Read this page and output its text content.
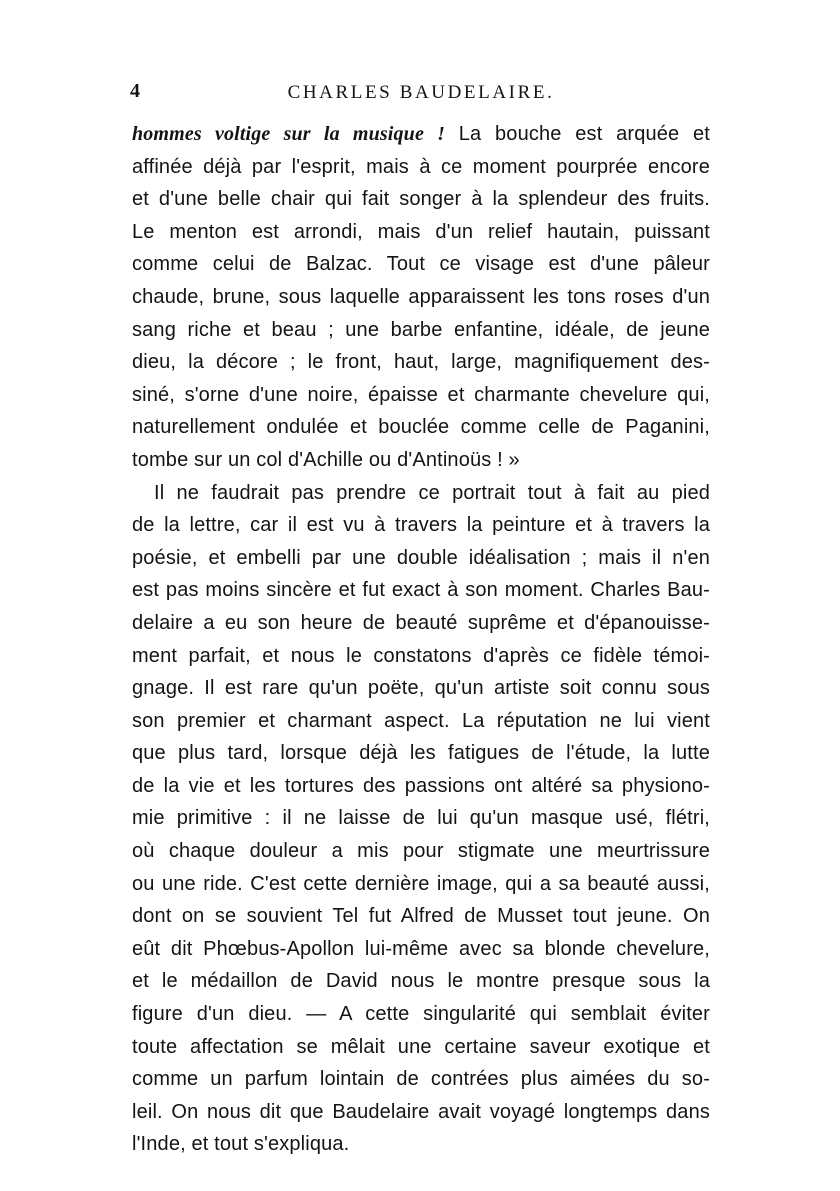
4	CHARLES BAUDELAIRE.
hommes voltige sur la musique ! La bouche est arquée et
affinée déjà par l'esprit, mais à ce moment pourprée encore
et d'une belle chair qui fait songer à la splendeur des fruits.
Le menton est arrondi, mais d'un relief hautain, puissant
comme celui de Balzac. Tout ce visage est d'une pâleur
chaude, brune, sous laquelle apparaissent les tons roses d'un
sang riche et beau ; une barbe enfantine, idéale, de jeune
dieu, la décore ; le front, haut, large, magnifiquement des-
siné, s'orne d'une noire, épaisse et charmante chevelure qui,
naturellement ondulée et bouclée comme celle de Paganini,
tombe sur un col d'Achille ou d'Antinoüs ! »
Il ne faudrait pas prendre ce portrait tout à fait au pied
de la lettre, car il est vu à travers la peinture et à travers la
poésie, et embelli par une double idéalisation ; mais il n'en
est pas moins sincère et fut exact à son moment. Charles Bau-
delaire a eu son heure de beauté suprême et d'épanouisse-
ment parfait, et nous le constatons d'après ce fidèle témoi-
gnage. Il est rare qu'un poëte, qu'un artiste soit connu sous
son premier et charmant aspect. La réputation ne lui vient
que plus tard, lorsque déjà les fatigues de l'étude, la lutte
de la vie et les tortures des passions ont altéré sa physiono-
mie primitive : il ne laisse de lui qu'un masque usé, flétri,
où chaque douleur a mis pour stigmate une meurtrissure
ou une ride. C'est cette dernière image, qui a sa beauté aussi,
dont on se souvient Tel fut Alfred de Musset tout jeune. On
eût dit Phœbus-Apollon lui-même avec sa blonde chevelure,
et le médaillon de David nous le montre presque sous la
figure d'un dieu. — A cette singularité qui semblait éviter
toute affectation se mêlait une certaine saveur exotique et
comme un parfum lointain de contrées plus aimées du so-
leil. On nous dit que Baudelaire avait voyagé longtemps dans
l'Inde, et tout s'expliqua.
